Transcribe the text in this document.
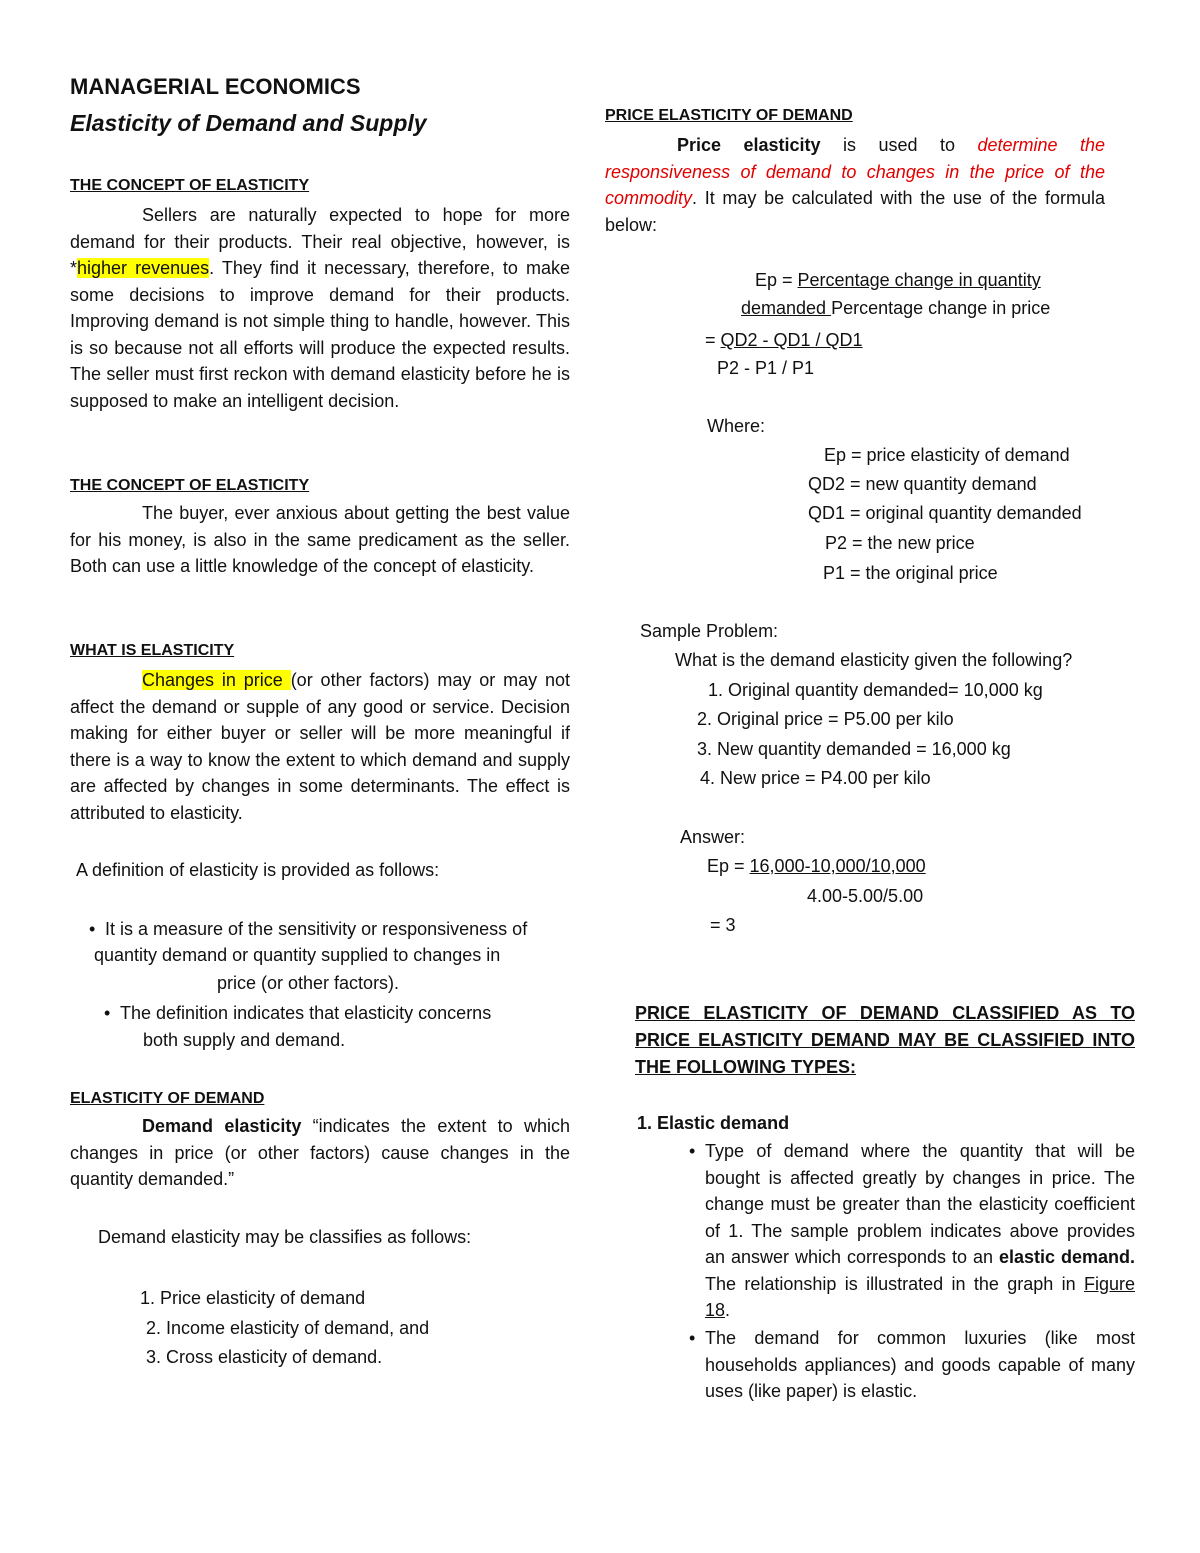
MANAGERIAL ECONOMICS
Elasticity of Demand and Supply
THE CONCEPT OF ELASTICITY
Sellers are naturally expected to hope for more demand for their products. Their real objective, however, is *higher revenues. They find it necessary, therefore, to make some decisions to improve demand for their products. Improving demand is not simple thing to handle, however. This is so because not all efforts will produce the expected results. The seller must first reckon with demand elasticity before he is supposed to make an intelligent decision.
THE CONCEPT OF ELASTICITY
The buyer, ever anxious about getting the best value for his money, is also in the same predicament as the seller. Both can use a little knowledge of the concept of elasticity.
WHAT IS ELASTICITY
Changes in price (or other factors) may or may not affect the demand or supple of any good or service. Decision making for either buyer or seller will be more meaningful if there is a way to know the extent to which demand and supply are affected by changes in some determinants. The effect is attributed to elasticity.
A definition of elasticity is provided as follows:
• It is a measure of the sensitivity or responsiveness of
quantity demand or quantity supplied to changes in
price (or other factors).
• The definition indicates that elasticity concerns
both supply and demand.
ELASTICITY OF DEMAND
Demand elasticity “indicates the extent to which changes in price (or other factors) cause changes in the quantity demanded.”
Demand elasticity may be classifies as follows:
1. Price elasticity of demand
2. Income elasticity of demand, and
3. Cross elasticity of demand.
PRICE ELASTICITY OF DEMAND
Price elasticity is used to determine the responsiveness of demand to changes in the price of the commodity. It may be calculated with the use of the formula below:
Ep = Percentage change in quantity
demanded Percentage change in price
= QD2 - QD1 / QD1
P2 - P1 / P1
Where:
Ep = price elasticity of demand
QD2 = new quantity demand
QD1 = original quantity demanded
P2 = the new price
P1 = the original price
Sample Problem:
What is the demand elasticity given the following?
1. Original quantity demanded= 10,000 kg
2. Original price = P5.00 per kilo
3. New quantity demanded = 16,000 kg
4. New price = P4.00 per kilo
Answer:
Ep = 16,000-10,000/10,000
4.00-5.00/5.00
= 3
PRICE ELASTICITY OF DEMAND CLASSIFIED AS TO PRICE ELASTICITY DEMAND MAY BE CLASSIFIED INTO THE FOLLOWING TYPES:
1. Elastic demand
• Type of demand where the quantity that will be bought is affected greatly by changes in price. The change must be greater than the elasticity coefficient of 1. The sample problem indicates above provides an answer which corresponds to an elastic demand. The relationship is illustrated in the graph in Figure 18.
• The demand for common luxuries (like most households appliances) and goods capable of many uses (like paper) is elastic.
